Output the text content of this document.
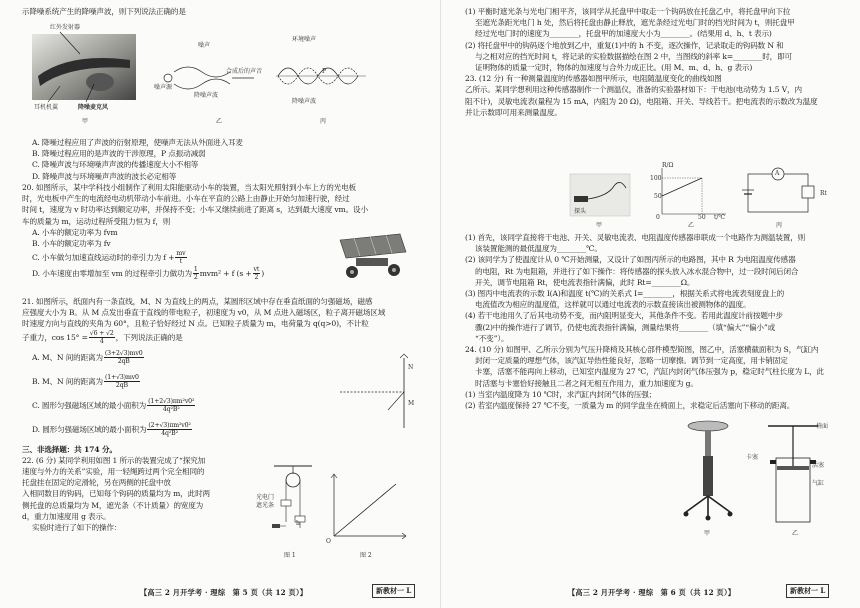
示降噪系统产生的降噪声波，则下列说法正确的是

红外发射器
耳机机翼	降噪麦克风
甲
噪声
噪声源
合成后的声音
降噪声波
乙
环境噪声
降噪声波
P
丙

A. 降噪过程应用了声波的衍射原理，使噪声无法从外面进入耳麦

B. 降噪过程应用的是声波的干涉原理，P 点振动减弱

C. 降噪声波与环境噪声声波的传播速度大小不相等

D. 降噪声波与环境噪声声波的波长必定相等

20. 如图所示，某中学科技小组制作了利用太阳能驱动小车的装置，当太阳光照射到小车上方的光电板

时，光电板中产生的电流经电动机带动小车前进。小车在平直的公路上由静止开始匀加速行驶，经过

时间 t，速度为 v 时功率达到额定功率，并保持不变；小车又继续前进了距离 s，达到最大速度 vm。设小

车的质量为 m，运动过程所受阻力恒为 f，则

A. 小车的额定功率为 fvm

B. 小车的额定功率为 fv

C. 小车做匀加速直线运动时的牵引力为 $f + \frac{mv}{t}$
D. 小车速度由零增加至 vm 的过程牵引力做功为 $\frac{1}{2} mvm^2 + f$ ($s + \frac{vt}{2}$ )

21. 如图所示，纸面内有一条直线，M、N 为直线上的两点，某圆形区域中存在垂直纸面的匀强磁场，磁感

应强度大小为 B。从 M 点发出垂直于直线的带电粒子，初速度为 v0，从 M 点进入磁场区，粒子离开磁场区域

时速度方向与直线的夹角为 60°，且粒子恰好经过 N 点。已知粒子质量为 m，电荷量为 q(q>0)，不计粒

子重力，$\cos 15^\circ = \frac{√6 + √2}{4}$ ，下列说法正确的是
A. M、N 间的距离为 $\frac{(3+2√3)mv0}{2qB}$
B. M、N 间的距离为 $\frac{(1+√3)mv0}{2qB}$
C. 圆形匀强磁场区域的最小面积为 $\frac{\text{(1+2√3)πm²v0²}}{\text{4q²B²}}$
D. 圆形匀强磁场区域的最小面积为 $\frac{\text{(2+√3)πm²v0²}}{\text{4q²B²}}$

三、非选择题：共 174 分。

22. (6 分) 某同学利用如图 1 所示的装置完成了“探究加

速度与外力的关系”实验，用一轻绳跨过两个完全相同的

托盘挂在固定的定滑轮，另在两侧的托盘中放

入相同数目的钩码，已知每个钩码的质量均为 m，此时两

侧托盘的总质量均为 M，遮光条（不计质量）的宽度为

d，重力加速度用 g 表示。

实验时进行了如下的操作：

N
M
光电门
遮光条
h
图 1
O
图 2
【高三 2 月开学考 · 理综　第 5 页（共 12 页）】	新教材一 L

(1) 平衡时遮光条与光电门相平齐，该同学从托盘甲中取走一个钩码放在托盘乙中，将托盘甲向下拉

至遮光条距光电门 h 处，然后将托盘由静止释放，遮光条经过光电门时的挡光时间为 t，则托盘甲

经过光电门时的速度为________，托盘甲的加速度大小为________。(结果用 d、h、t 表示)

(2) 将托盘甲中的钩码逐个地放到乙中，重复(1)中的 h 不变，逐次操作，记录取走的钩码数 N 和

与之相对应的挡光时间 t，将记录的实验数据描绘在图 2 中，当图线的斜率 k=________时，即可

证明物体的质量一定时，物体的加速度与合外力成正比。(用 M、m、d、h、g 表示)

23. (12 分) 有一种测量温度的传感器如图甲所示，电阻随温度变化的曲线如图

乙所示。某同学想利用这种传感器制作一个测温仪，准备的实验器材如下：干电池(电动势为 1.5 V，内

阻不计)，灵敏电流表(量程为 15 mA，内阻为 20 Ω)，电阻箱、开关、导线若干。把电流表的示数改为温度

并让示数即可用来测量温度。

探头
甲
R/Ω
100
50
0	50 t/℃
乙
A
Rt
丙

(1) 首先，该同学直接将干电池、开关、灵敏电流表、电阻温度传感器串联成一个电路作为测温装置，则

该装置能测的最低温度为________℃。

(2) 该同学为了使温度计从 0 ℃开始测量，又设计了如图丙所示的电路图，其中 R 为电阻温度传感器

的电阻，Rt 为电阻箱，并进行了如下操作：将传感器的探头放入冰水混合物中，过一段时间后闭合

开关，调节电阻箱 Rt，使电流表指针满偏，此时 Rt=________Ω。

(3) 图丙中电流表的示数 I(A)和温度 t(℃)的关系式 I=________，根据关系式将电流表刻度盘上的

电流值改为相应的温度值，这样就可以通过电流表的示数直接读出被测物体的温度。

(4) 若干电池用久了后其电动势不变，而内阻明显变大，其他条件不变。若用此温度计前按题中步

骤(2)中的操作进行了调节，仍使电流表指针满偏，测量结果将________（填“偏大”“偏小”或

“不变”）。

24. (10 分) 如图甲、乙所示分别为气压升降椅及其核心部件模型简图，图乙中，活塞横截面积为 S，气缸内

封闭一定质量的理想气体，该汽缸导热性能良好，忽略一切摩擦。调节到一定高度，用卡销固定

卡塞，活塞不能再向上移动，已知室内温度为 27 ℃，汽缸内封闭气体压强为 p，稳定时气柱长度为 L，此

时活塞与卡塞恰好接触且二者之间无相互作用力，重力加速度为 g。

(1) 当室内温度降为 10 ℃时，求汽缸内封闭气体的压强；

(2) 若室内温度保持 27 ℃不变，一质量为 m 的同学盘坐在椅面上，求稳定后活塞向下移动的距离。

甲
椅面
卡塞
活塞
气缸
乙
【高三 2 月开学考 · 理综　第 6 页（共 12 页）】	新教材一 L
